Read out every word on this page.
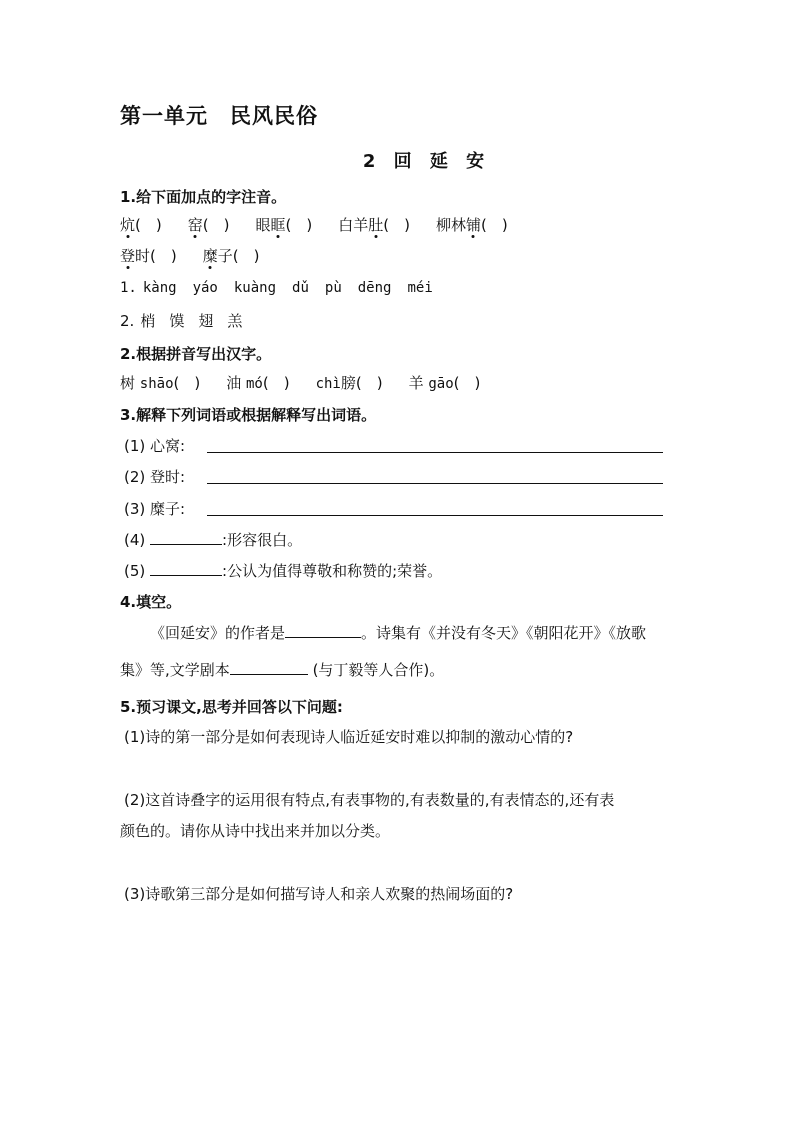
第一单元　民风民俗
2 回 延 安
1.给下面加点的字注音。
炕(　) 窑(　) 眼眶(　) 白羊肚(　) 柳林铺(　)
登时(　) 糜子(　)
1. kàng yáo kuàng dǔ pù dēng méi
2. 梢 馍 翅 羔
2.根据拼音写出汉字。
树 shāo(　) 油 mó(　) chì膀(　) 羊 gāo(　)
3.解释下列词语或根据解释写出词语。
(1) 心窝:
(2) 登时:
(3) 糜子:
(4)	:形容很白。
(5)	:公认为值得尊敬和称赞的;荣誉。
4.填空。
《回延安》的作者是	。诗集有《并没有冬天》《朝阳花开》《放歌
集》等,文学剧本	(与丁毅等人合作)。
5.预习课文,思考并回答以下问题:
(1)诗的第一部分是如何表现诗人临近延安时难以抑制的激动心情的?
(2)这首诗叠字的运用很有特点,有表事物的,有表数量的,有表情态的,还有表
颜色的。请你从诗中找出来并加以分类。
(3)诗歌第三部分是如何描写诗人和亲人欢聚的热闹场面的?
